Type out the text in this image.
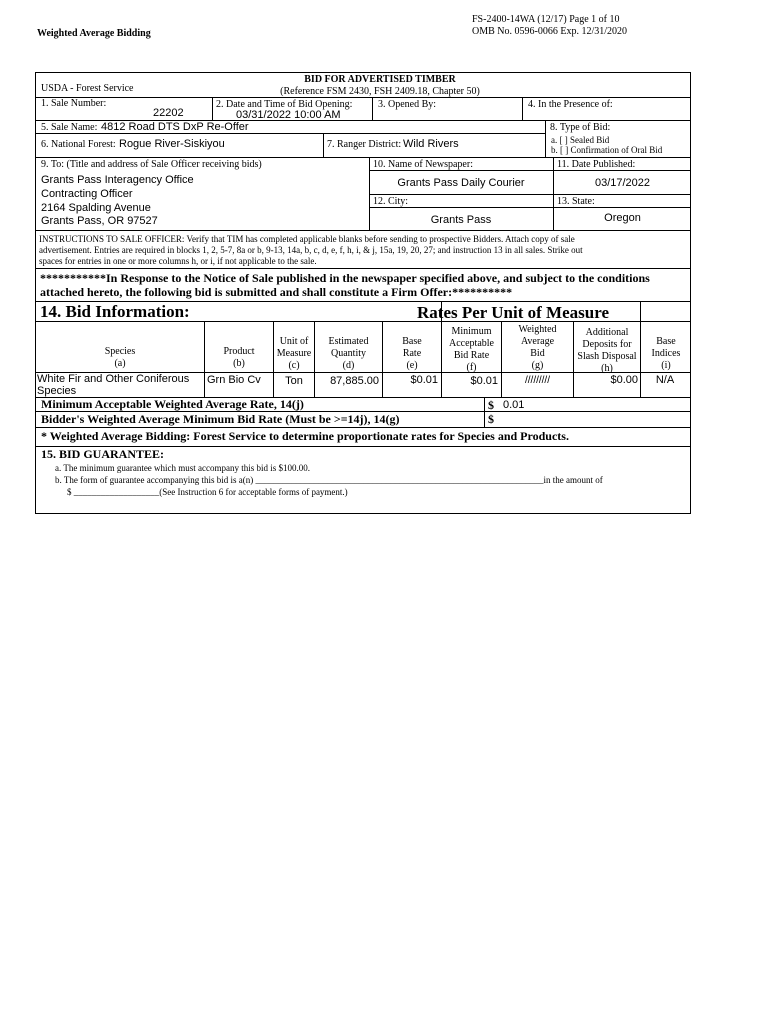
FS-2400-14WA (12/17) Page 1 of 10
OMB No. 0596-0066 Exp. 12/31/2020
Weighted Average Bidding
USDA - Forest Service
BID FOR ADVERTISED TIMBER
(Reference FSM 2430, FSH 2409.18, Chapter 50)
1. Sale Number:
22202
2. Date and Time of Bid Opening:
03/31/2022 10:00 AM
3. Opened By:	4. In the Presence of:
5. Sale Name: 4812 Road DTS DxP Re-Offer	8. Type of Bid:
a. [ ] Sealed Bid
b. [ ] Confirmation of Oral Bid
6. National Forest: Rogue River-Siskiyou	7. Ranger District: Wild Rivers
9. To: (Title and address of Sale Officer receiving bids)
Grants Pass Interagency Office
Contracting Officer
2164 Spalding Avenue
Grants Pass, OR 97527
10. Name of Newspaper:
Grants Pass Daily Courier
11. Date Published:
03/17/2022
12. City:
Grants Pass
13. State:
Oregon
INSTRUCTIONS TO SALE OFFICER: Verify that TIM has completed applicable blanks before sending to prospective Bidders. Attach copy of sale
advertisement. Entries are required in blocks 1, 2, 5-7, 8a or b, 9-13, 14a, b, c, d, e, f, h, i, & j, 15a, 19, 20, 27; and instruction 13 in all sales. Strike out
spaces for entries in one or more columns h, or i, if not applicable to the sale.
***********In Response to the Notice of Sale published in the newspaper specified above, and subject to the conditions
attached hereto, the following bid is submitted and shall constitute a Firm Offer:**********
14. Bid Information:	Rates Per Unit of Measure
Species
(a)
Product
(b)
Unit of
Measure
(c)
Estimated
Quantity
(d)
Base
Rate
(e)
Minimum
Acceptable
Bid Rate
(f)
Weighted
Average
Bid
(g)
Additional
Deposits for
Slash Disposal
(h)
Base
Indices
(i)
White Fir and Other Coniferous Species
Grn Bio Cv	Ton	87,885.00	$0.01	$0.01	/////////	$0.00	N/A
Minimum Acceptable Weighted Average Rate, 14(j)	$ 0.01
Bidder's Weighted Average Minimum Bid Rate (Must be >=14j), 14(g)	$
* Weighted Average Bidding: Forest Service to determine proportionate rates for Species and Products.
15. BID GUARANTEE:
a. The minimum guarantee which must accompany this bid is $100.00.
b. The form of guarantee accompanying this bid is a(n) ________________________________________________________________in the amount of
$ ___________________(See Instruction 6 for acceptable forms of payment.)
